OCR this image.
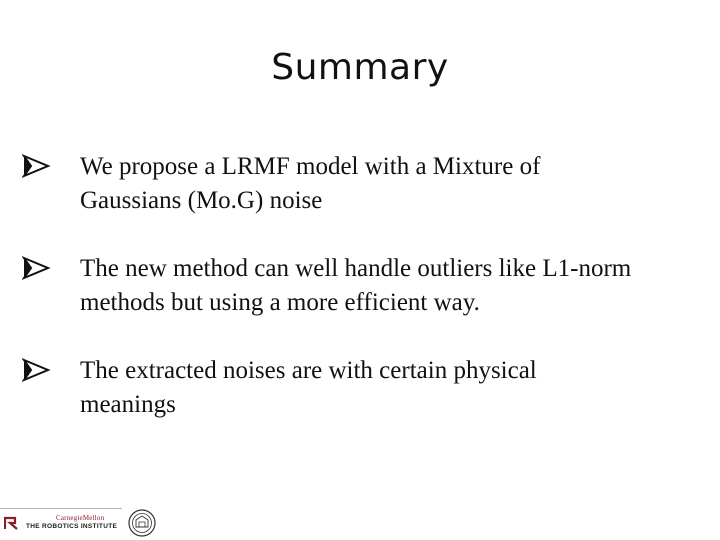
Summary
We propose a LRMF model with a Mixture of
Gaussians (Mo.G) noise
The new method can well handle outliers like L1-norm
methods but using a more efficient way.
The extracted noises are with certain physical
meanings
CarnegieMellon
THE ROBOTICS INSTITUTE
